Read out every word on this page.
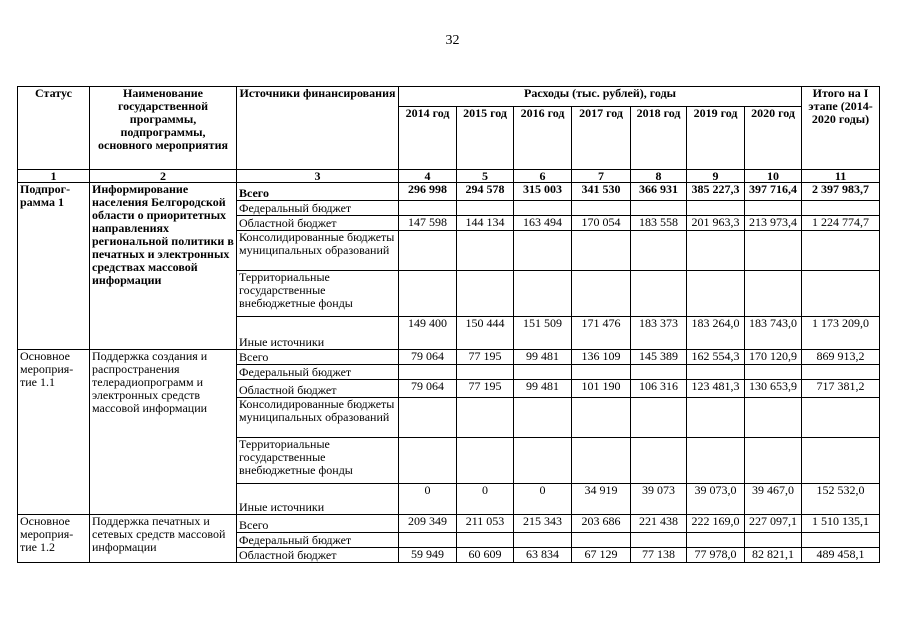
32
Статус	Наименование государственной программы, подпрограммы, основного мероприятия	Источники финансирования	Расходы (тыс. рублей), годы							Итого на I этапе (2014-2020 годы)
			2014 год	2015 год	2016 год	2017 год	2018 год	2019 год	2020 год	
1	2	3	4	5	6	7	8	9	10	11
Подпрог-рамма 1	Информирование населения Белгородской области о приоритетных направлениях региональной политики в печатных и электронных средствах массовой информации	Всего	296 998	294 578	315 003	341 530	366 931	385 227,3	397 716,4	2 397 983,7
		Федеральный бюджет								
		Областной бюджет	147 598	144 134	163 494	170 054	183 558	201 963,3	213 973,4	1 224 774,7
		Консолидированные бюджеты муниципальных образований								
		Территориальные государственные внебюджетные фонды								
		Иные источники	149 400	150 444	151 509	171 476	183 373	183 264,0	183 743,0	1 173 209,0
Основное мероприя-тие 1.1	Поддержка создания и распространения телерадиопрограмм и электронных средств массовой информации	Всего	79 064	77 195	99 481	136 109	145 389	162 554,3	170 120,9	869 913,2
		Федеральный бюджет								
		Областной бюджет	79 064	77 195	99 481	101 190	106 316	123 481,3	130 653,9	717 381,2
		Консолидированные бюджеты муниципальных образований								
		Территориальные государственные внебюджетные фонды								
		Иные источники	0	0	0	34 919	39 073	39 073,0	39 467,0	152 532,0
Основное мероприя-тие 1.2	Поддержка печатных и сетевых средств массовой информации	Всего	209 349	211 053	215 343	203 686	221 438	222 169,0	227 097,1	1 510 135,1
		Федеральный бюджет								
		Областной бюджет	59 949	60 609	63 834	67 129	77 138	77 978,0	82 821,1	489 458,1
